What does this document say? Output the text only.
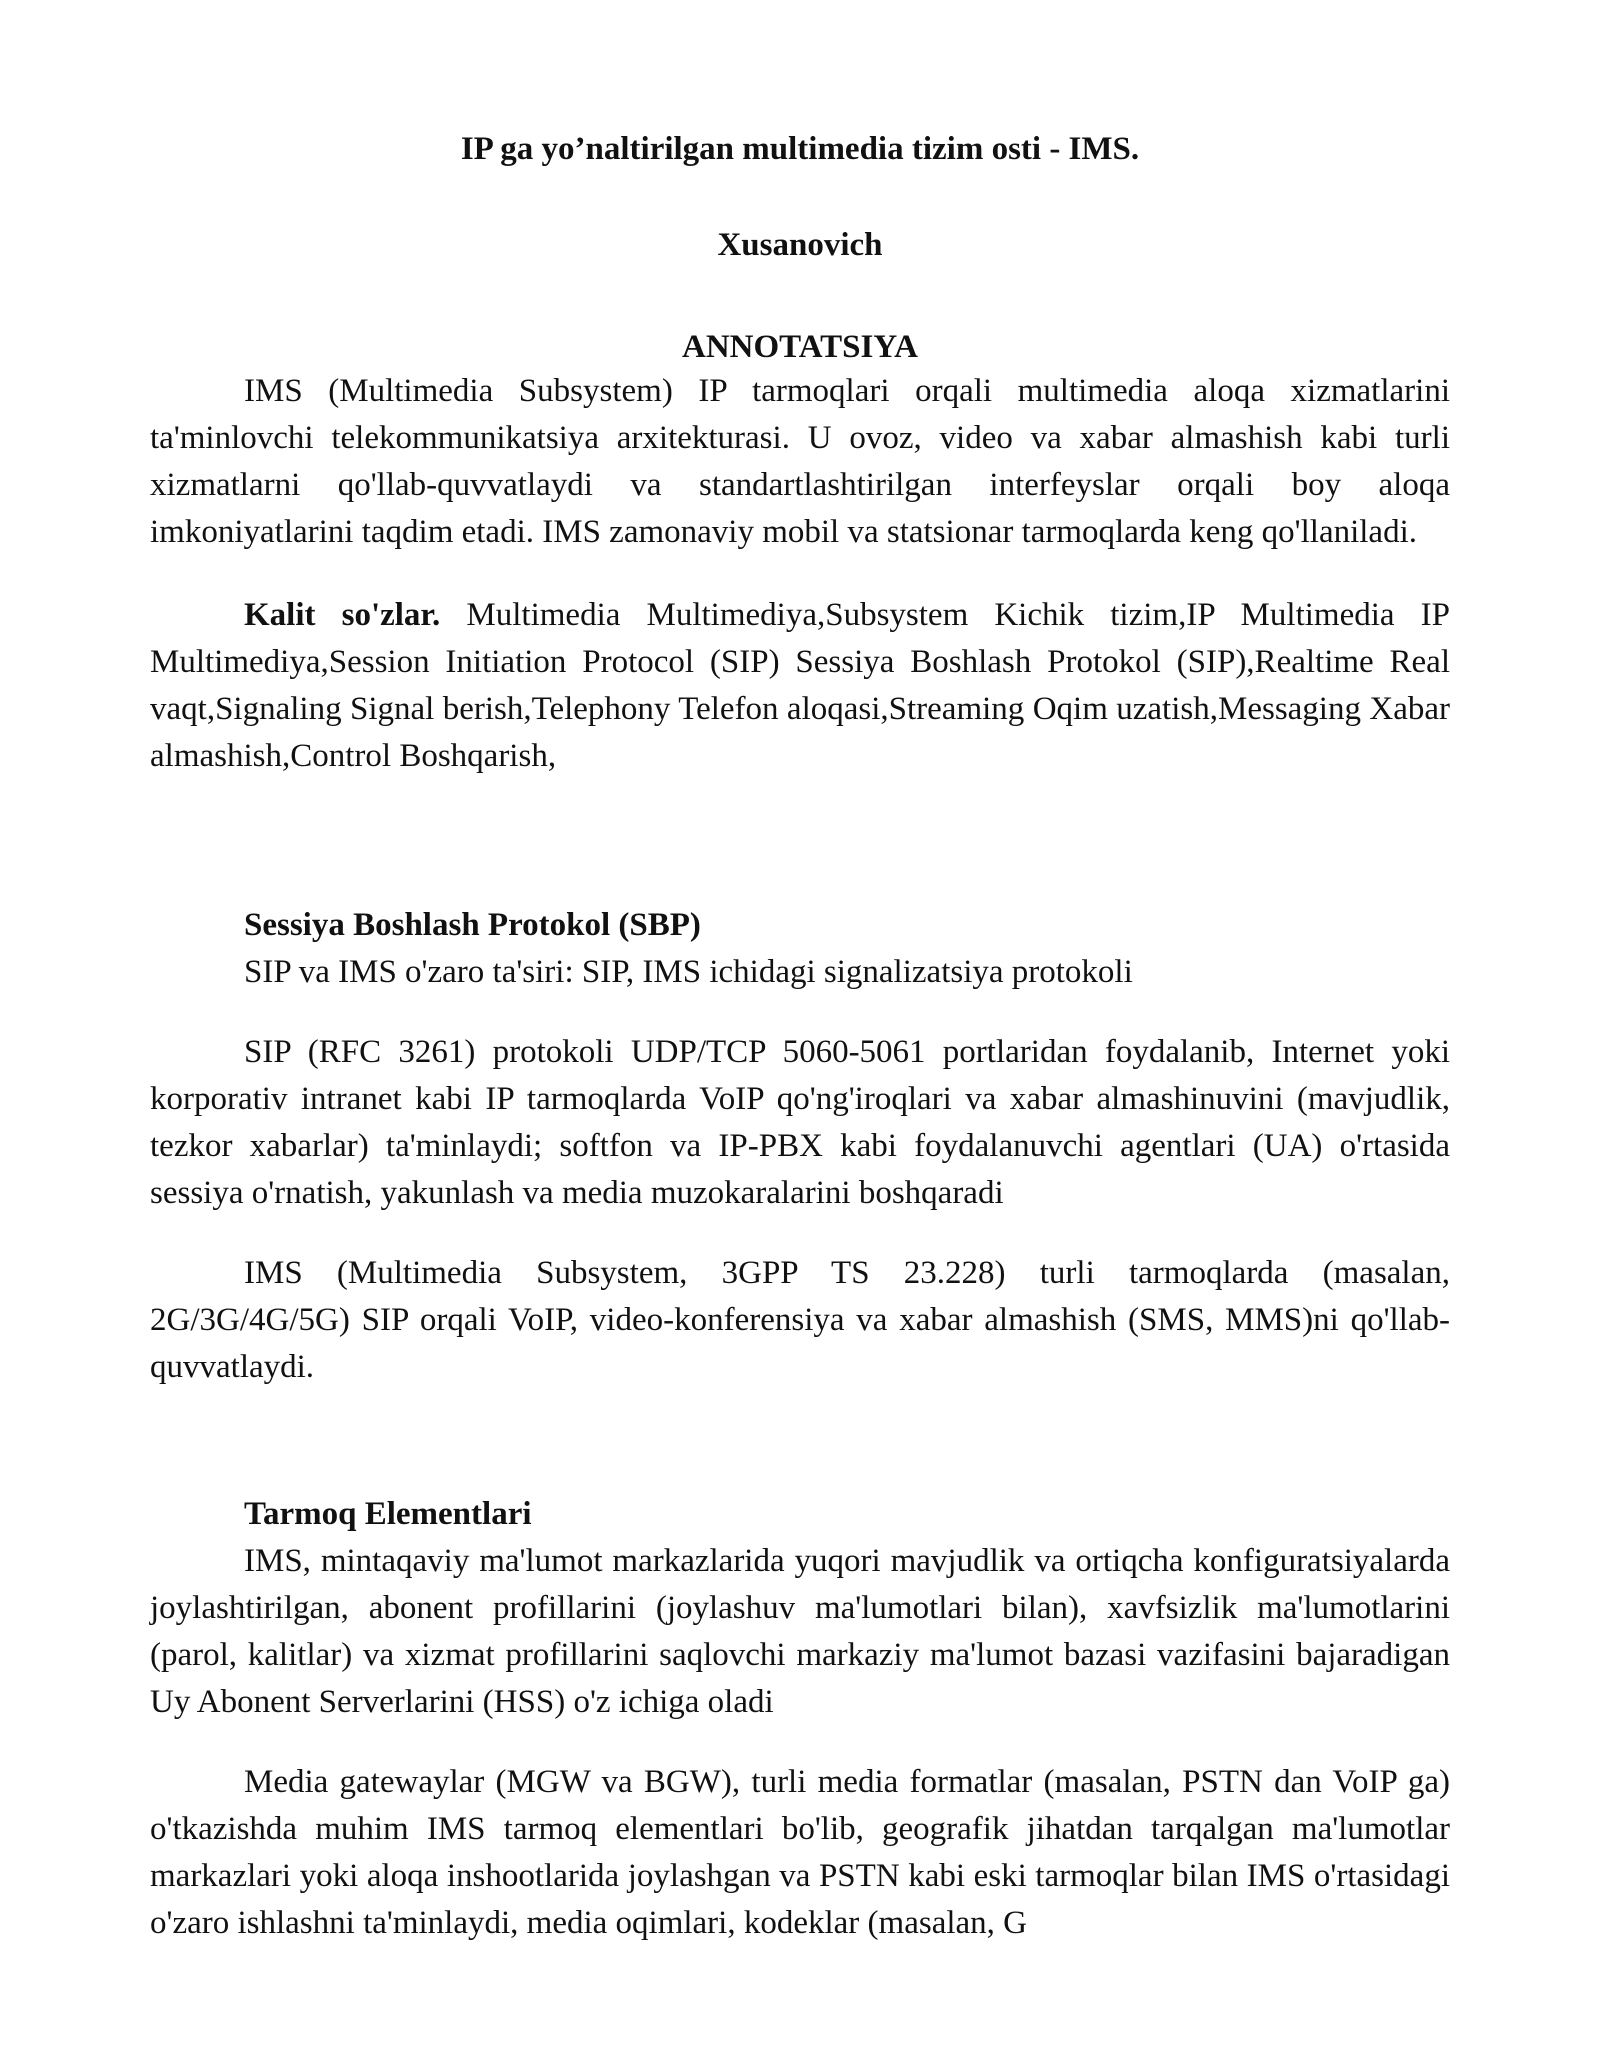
IP ga yo’naltirilgan multimedia tizim osti - IMS.
Xusanovich
ANNOTATSIYA

IMS (Multimedia Subsystem) IP tarmoqlari orqali multimedia aloqa xizmatlarini ta'minlovchi telekommunikatsiya arxitekturasi. U ovoz, video va xabar almashish kabi turli xizmatlarni qo'llab-quvvatlaydi va standartlashtirilgan interfeyslar orqali boy aloqa imkoniyatlarini taqdim etadi. IMS zamonaviy mobil va statsionar tarmoqlarda keng qo'llaniladi.

Kalit so'zlar. Multimedia Multimediya,Subsystem Kichik tizim,IP Multimedia IP Multimediya,Session Initiation Protocol (SIP) Sessiya Boshlash Protokol (SIP),Realtime Real vaqt,Signaling Signal berish,Telephony Telefon aloqasi,Streaming Oqim uzatish,Messaging Xabar almashish,Control Boshqarish,

Sessiya Boshlash Protokol (SBP)

SIP va IMS o'zaro ta'siri: SIP, IMS ichidagi signalizatsiya protokoli

SIP (RFC 3261) protokoli UDP/TCP 5060-5061 portlaridan foydalanib, Internet yoki korporativ intranet kabi IP tarmoqlarda VoIP qo'ng'iroqlari va xabar almashinuvini (mavjudlik, tezkor xabarlar) ta'minlaydi; softfon va IP-PBX kabi foydalanuvchi agentlari (UA) o'rtasida sessiya o'rnatish, yakunlash va media muzokaralarini boshqaradi

IMS (Multimedia Subsystem, 3GPP TS 23.228) turli tarmoqlarda (masalan, 2G/3G/4G/5G) SIP orqali VoIP, video-konferensiya va xabar almashish (SMS, MMS)ni qo'llab-quvvatlaydi.

Tarmoq Elementlari

IMS, mintaqaviy ma'lumot markazlarida yuqori mavjudlik va ortiqcha konfiguratsiyalarda joylashtirilgan, abonent profillarini (joylashuv ma'lumotlari bilan), xavfsizlik ma'lumotlarini (parol, kalitlar) va xizmat profillarini saqlovchi markaziy ma'lumot bazasi vazifasini bajaradigan Uy Abonent Serverlarini (HSS) o'z ichiga oladi

Media gatewaylar (MGW va BGW), turli media formatlar (masalan, PSTN dan VoIP ga) o'tkazishda muhim IMS tarmoq elementlari bo'lib, geografik jihatdan tarqalgan ma'lumotlar markazlari yoki aloqa inshootlarida joylashgan va PSTN kabi eski tarmoqlar bilan IMS o'rtasidagi o'zaro ishlashni ta'minlaydi, media oqimlari, kodeklar (masalan, G
